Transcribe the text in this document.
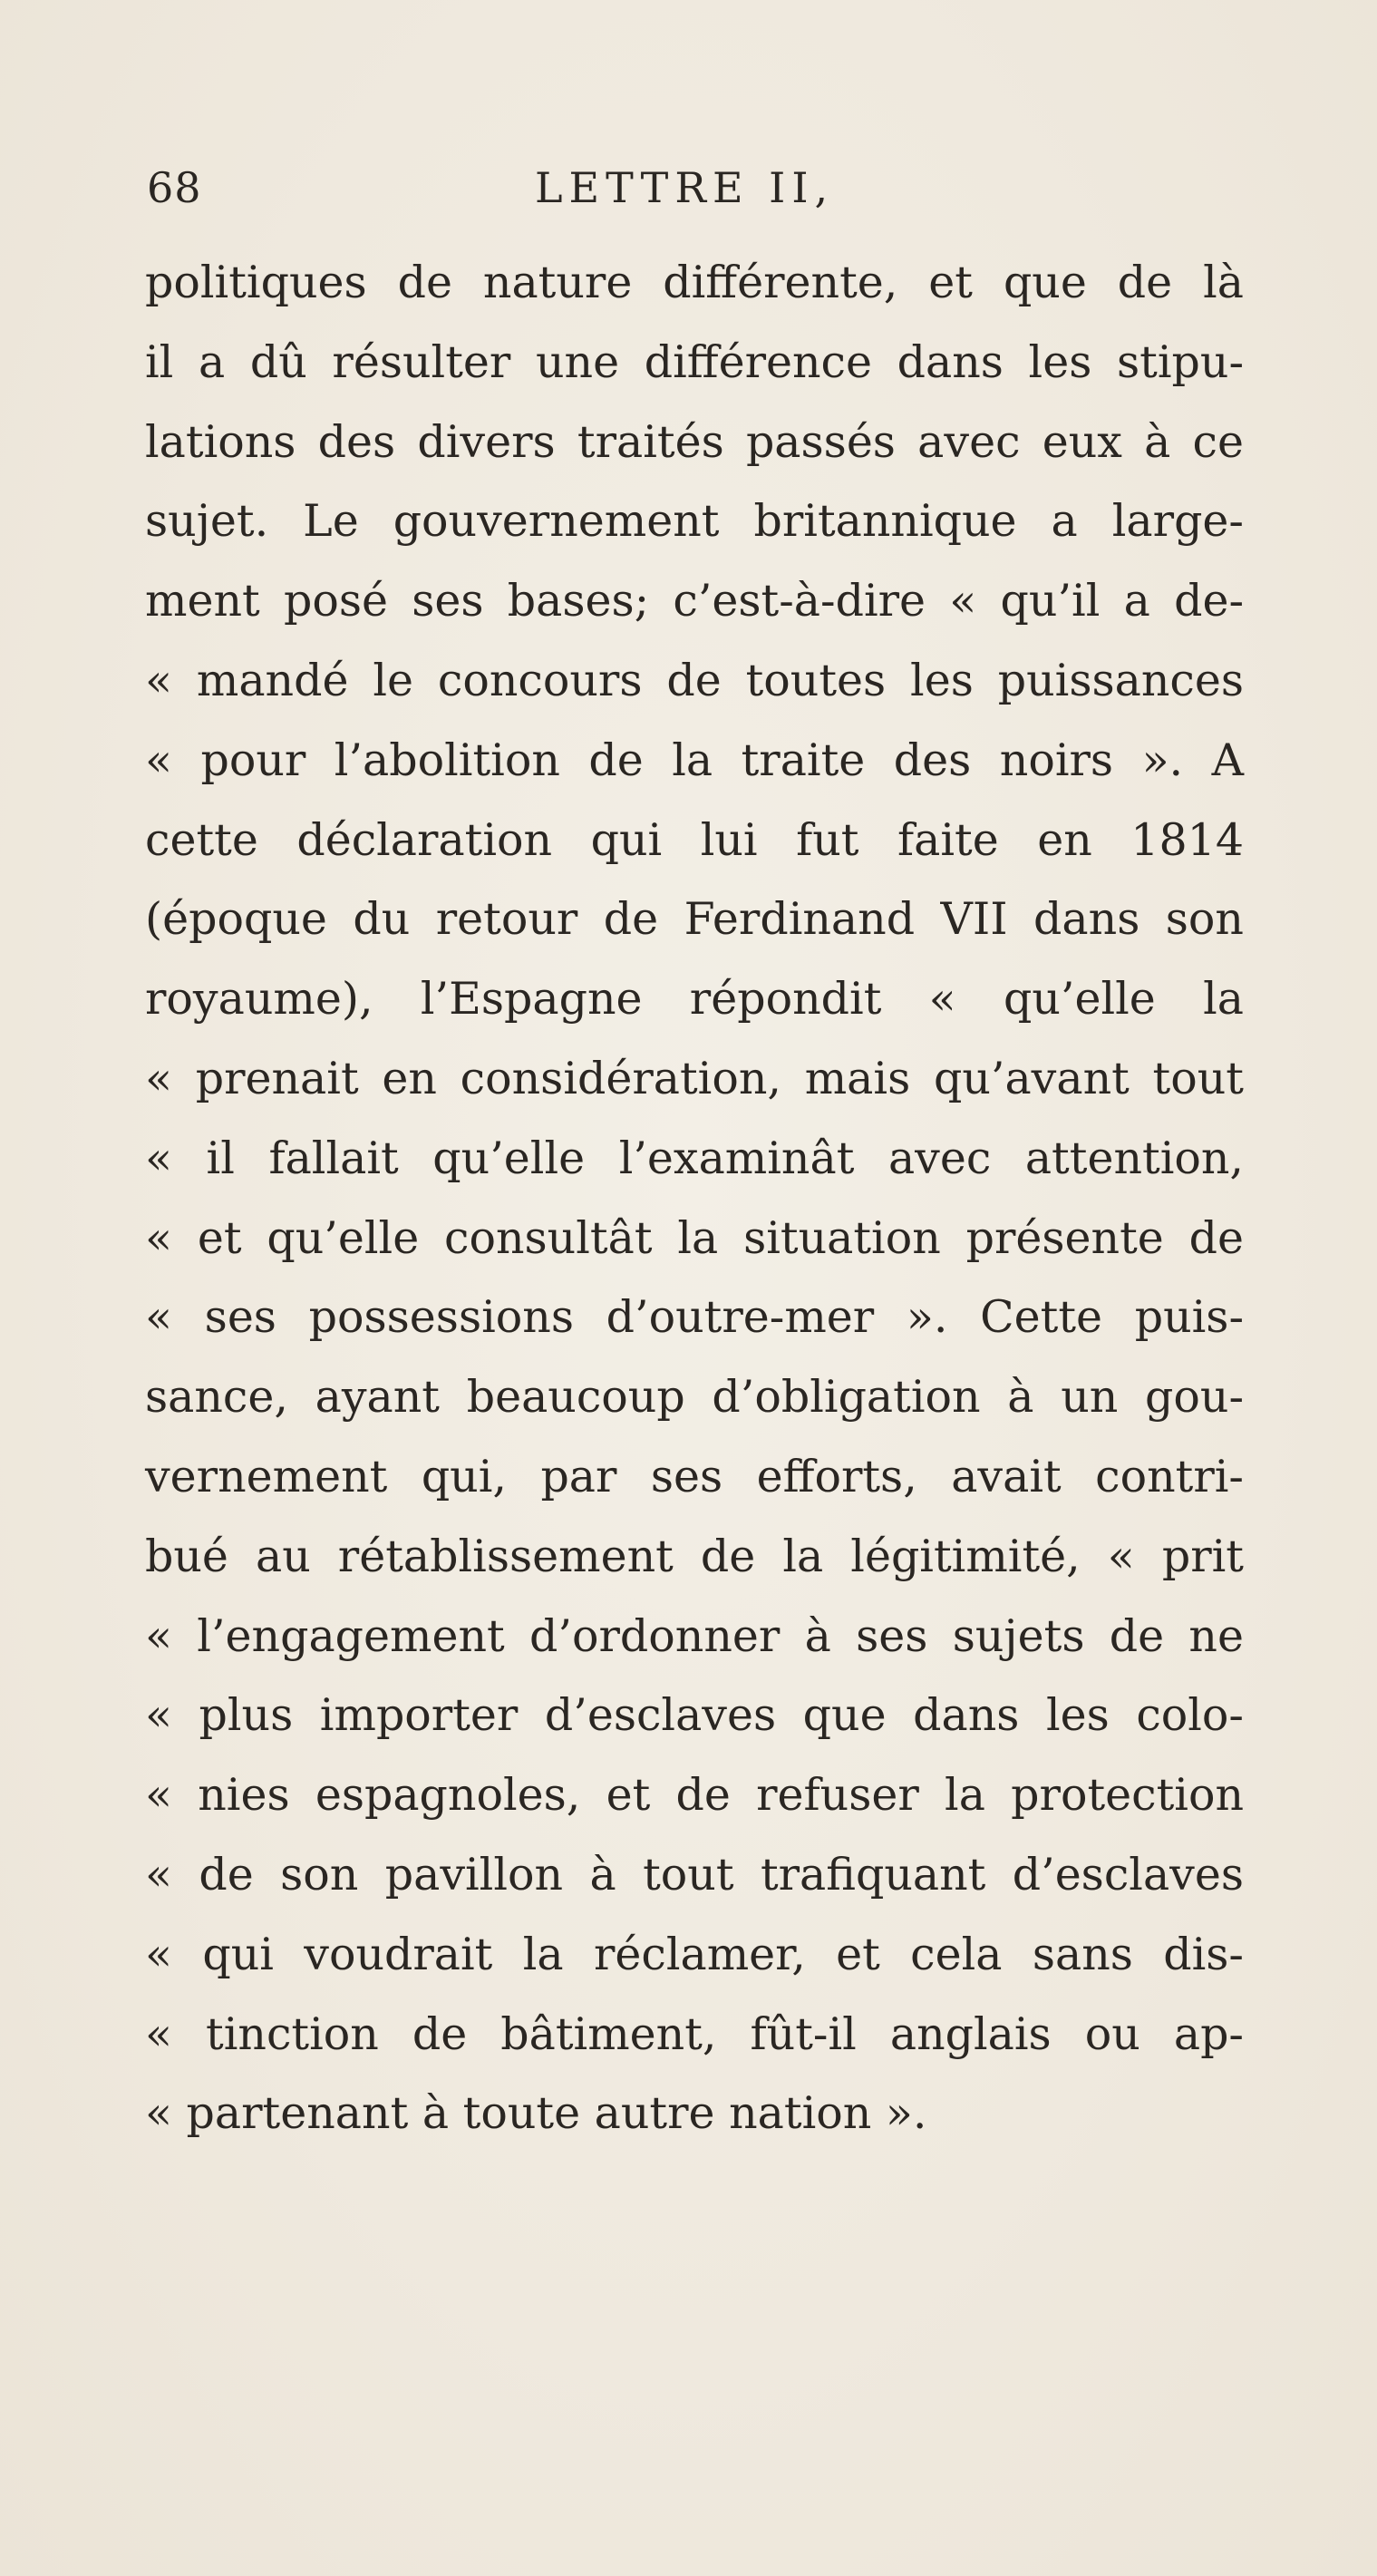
68	LETTRE II,
politiques de nature différente, et que de là
il a dû résulter une différence dans les stipu-
lations des divers traités passés avec eux à ce
sujet. Le gouvernement britannique a large-
ment posé ses bases; c’est-à-dire « qu’il a de-
« mandé le concours de toutes les puissances
« pour l’abolition de la traite des noirs ». A
cette déclaration qui lui fut faite en 1814
(époque du retour de Ferdinand VII dans son
royaume), l’Espagne répondit « qu’elle la
« prenait en considération, mais qu’avant tout
« il fallait qu’elle l’examinât avec attention,
« et qu’elle consultât la situation présente de
« ses possessions d’outre-mer ». Cette puis-
sance, ayant beaucoup d’obligation à un gou-
vernement qui, par ses efforts, avait contri-
bué au rétablissement de la légitimité, « prit
« l’engagement d’ordonner à ses sujets de ne
« plus importer d’esclaves que dans les colo-
« nies espagnoles, et de refuser la protection
« de son pavillon à tout trafiquant d’esclaves
« qui voudrait la réclamer, et cela sans dis-
« tinction de bâtiment, fût-il anglais ou ap-
« partenant à toute autre nation ».
